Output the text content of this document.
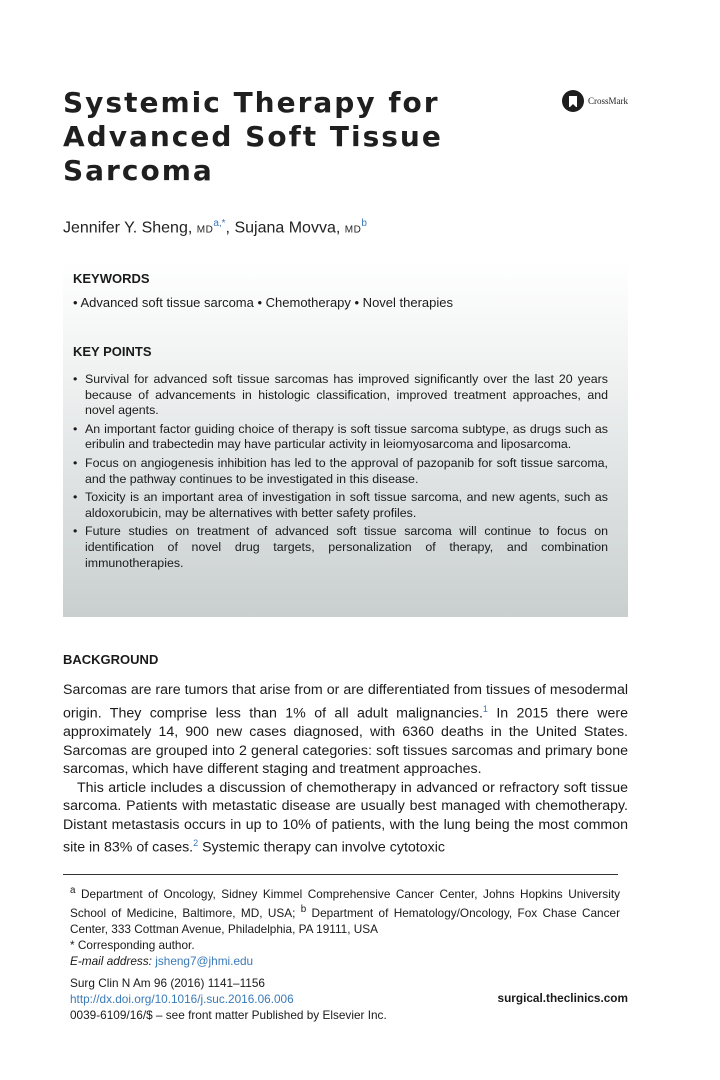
Systemic Therapy for
Advanced Soft Tissue
Sarcoma
CrossMark
Jennifer Y. Sheng, $MD^{a,*}$, Sujana Movva, $MD^b$
KEYWORDS
• Advanced soft tissue sarcoma • Chemotherapy • Novel therapies
KEY POINTS
• Survival for advanced soft tissue sarcomas has improved significantly over the last 20 years because of advancements in histologic classification, improved treatment approaches, and novel agents.
• An important factor guiding choice of therapy is soft tissue sarcoma subtype, as drugs such as eribulin and trabectedin may have particular activity in leiomyosarcoma and liposarcoma.
• Focus on angiogenesis inhibition has led to the approval of pazopanib for soft tissue sarcoma, and the pathway continues to be investigated in this disease.
• Toxicity is an important area of investigation in soft tissue sarcoma, and new agents, such as aldoxorubicin, may be alternatives with better safety profiles.
• Future studies on treatment of advanced soft tissue sarcoma will continue to focus on identification of novel drug targets, personalization of therapy, and combination immunotherapies.
BACKGROUND

Sarcomas are rare tumors that arise from or are differentiated from tissues of mesodermal origin. They comprise less than 1% of all adult malignancies.$^1$ In 2015 there were approximately 14, 900 new cases diagnosed, with 6360 deaths in the United States. Sarcomas are grouped into 2 general categories: soft tissues sarcomas and primary bone sarcomas, which have different staging and treatment approaches.

This article includes a discussion of chemotherapy in advanced or refractory soft tissue sarcoma. Patients with metastatic disease are usually best managed with chemotherapy. Distant metastasis occurs in up to 10% of patients, with the lung being the most common site in 83% of cases.$^2$ Systemic therapy can involve cytotoxic

$^a$ Department of Oncology, Sidney Kimmel Comprehensive Cancer Center, Johns Hopkins University School of Medicine, Baltimore, MD, USA; $^b$ Department of Hematology/Oncology, Fox Chase Cancer Center, 333 Cottman Avenue, Philadelphia, PA 19111, USA

* Corresponding author.

E-mail address: jsheng7@jhmi.edu

Surg Clin N Am 96 (2016) 1141–1156
http://dx.doi.org/10.1016/j.suc.2016.06.006
0039-6109/16/$ – see front matter Published by Elsevier Inc.
surgical.theclinics.com
